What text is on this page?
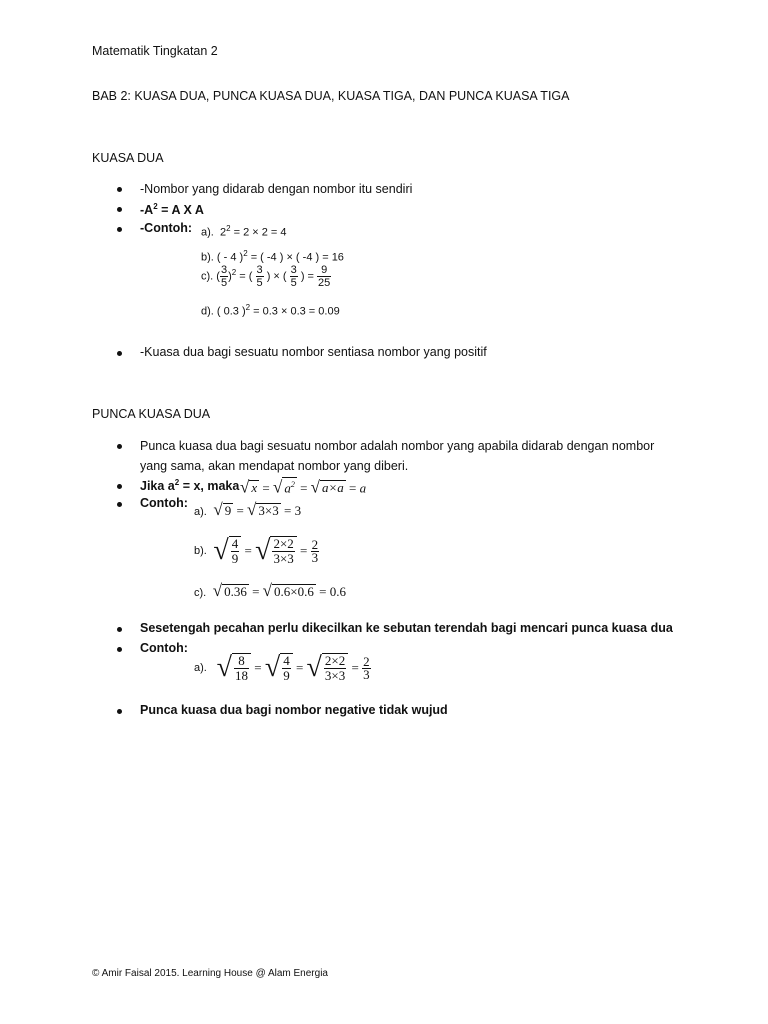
Matematik Tingkatan 2
BAB 2: KUASA DUA, PUNCA KUASA DUA, KUASA TIGA, DAN PUNCA KUASA TIGA
KUASA DUA
-Nombor yang didarab dengan nombor itu sendiri
$-A^2 = A$ X A
-Contoh: a). $2^2 = 2 \times 2 = 4$
b). ( - 4 )$^2$ = ( -4 ) × ( -4 ) = 16
c). ( $\frac{3}{5} )^2$ = ( $\frac{3}{5}$ ) × ( $\frac{3}{5}$ ) = $\frac{9}{25}$
d). ( 0.3 )$^2$ = 0.3 × 0.3 = 0.09
-Kuasa dua bagi sesuatu nombor sentiasa nombor yang positif
PUNCA KUASA DUA
Punca kuasa dua bagi sesuatu nombor adalah nombor yang apabila didarab dengan nombor
yang sama, akan mendapat nombor yang diberi.
Jika $a^2 = x$, maka √ x = √ $a^2$ = √ a×a = a
Contoh:
a). √ 9 = √ 3×3 = 3
b). √ $\frac{4}{9}$ = √ $\frac{2\times 2}{3\times 3} = \frac{2}{3}$
c). √ 0.36 = √ 0.6×0.6 = 0.6
Sesetengah pecahan perlu dikecilkan ke sebutan terendah bagi mencari punca kuasa dua
Contoh:
a). √ $\frac{8}{18}$ = √ $\frac{4}{9}$ = √ $\frac{2\times 2}{3\times 3} = \frac{2}{3}$
Punca kuasa dua bagi nombor negative tidak wujud
© Amir Faisal 2015. Learning House @ Alam Energia
